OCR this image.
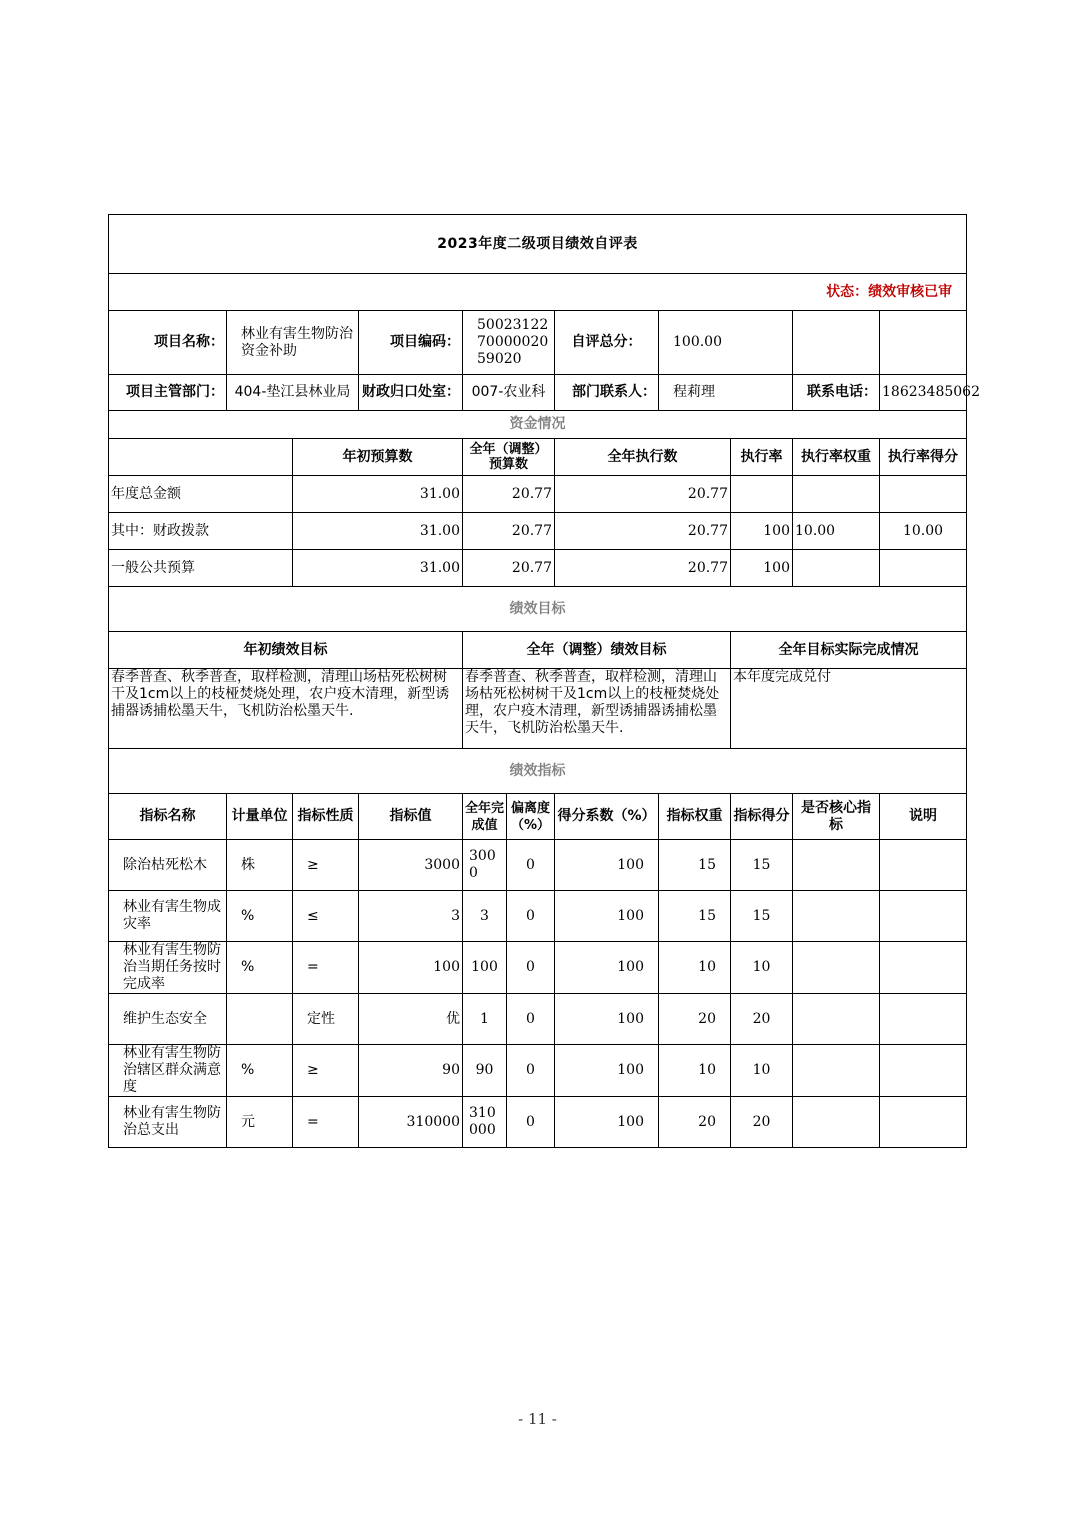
2023年度二级项目绩效自评表										
状态：绩效审核已审										
项目名称：	林业有害生物防治资金补助		项目编码：	500231227000002059020		自评总分：	100.00			
项目主管部门：	404-垫江县林业局		财政归口处室：	007-农业科		部门联系人：	程莉理		联系电话：	18623485062
资金情况										
		年初预算数		全年（调整）预算数		全年执行数		执行率	执行率权重	执行率得分
年度总金额		31.00		20.77		20.77				
其中：财政拨款		31.00		20.77		20.77		100	10.00	10.00
一般公共预算		31.00		20.77		20.77		100		
绩效目标										
年初绩效目标				全年（调整）绩效目标				全年目标实际完成情况		
春季普查、秋季普查，取样检测，清理山场枯死松树树干及1cm以上的枝桠焚烧处理，农户疫木清理，新型诱捕器诱捕松墨天牛，飞机防治松墨天牛.				春季普查、秋季普查，取样检测，清理山场枯死松树树干及1cm以上的枝桠焚烧处理，农户疫木清理，新型诱捕器诱捕松墨天牛，飞机防治松墨天牛.				本年度完成兑付		
绩效指标										
指标名称	计量单位	指标性质	指标值	全年完成值	偏离度（%）	得分系数（%）	指标权重	指标得分	是否核心指标	说明
除治枯死松木	株	≥	3000	3000	0	100	15	15		
林业有害生物成灾率	%	≤	3	3	0	100	15	15		
林业有害生物防治当期任务按时完成率	%	=	100	100	0	100	10	10		
维护生态安全		定性	优	1	0	100	20	20		
林业有害生物防治辖区群众满意度	%	≥	90	90	0	100	10	10		
林业有害生物防治总支出	元	=	310000	310000	0	100	20	20		
- 11 -
